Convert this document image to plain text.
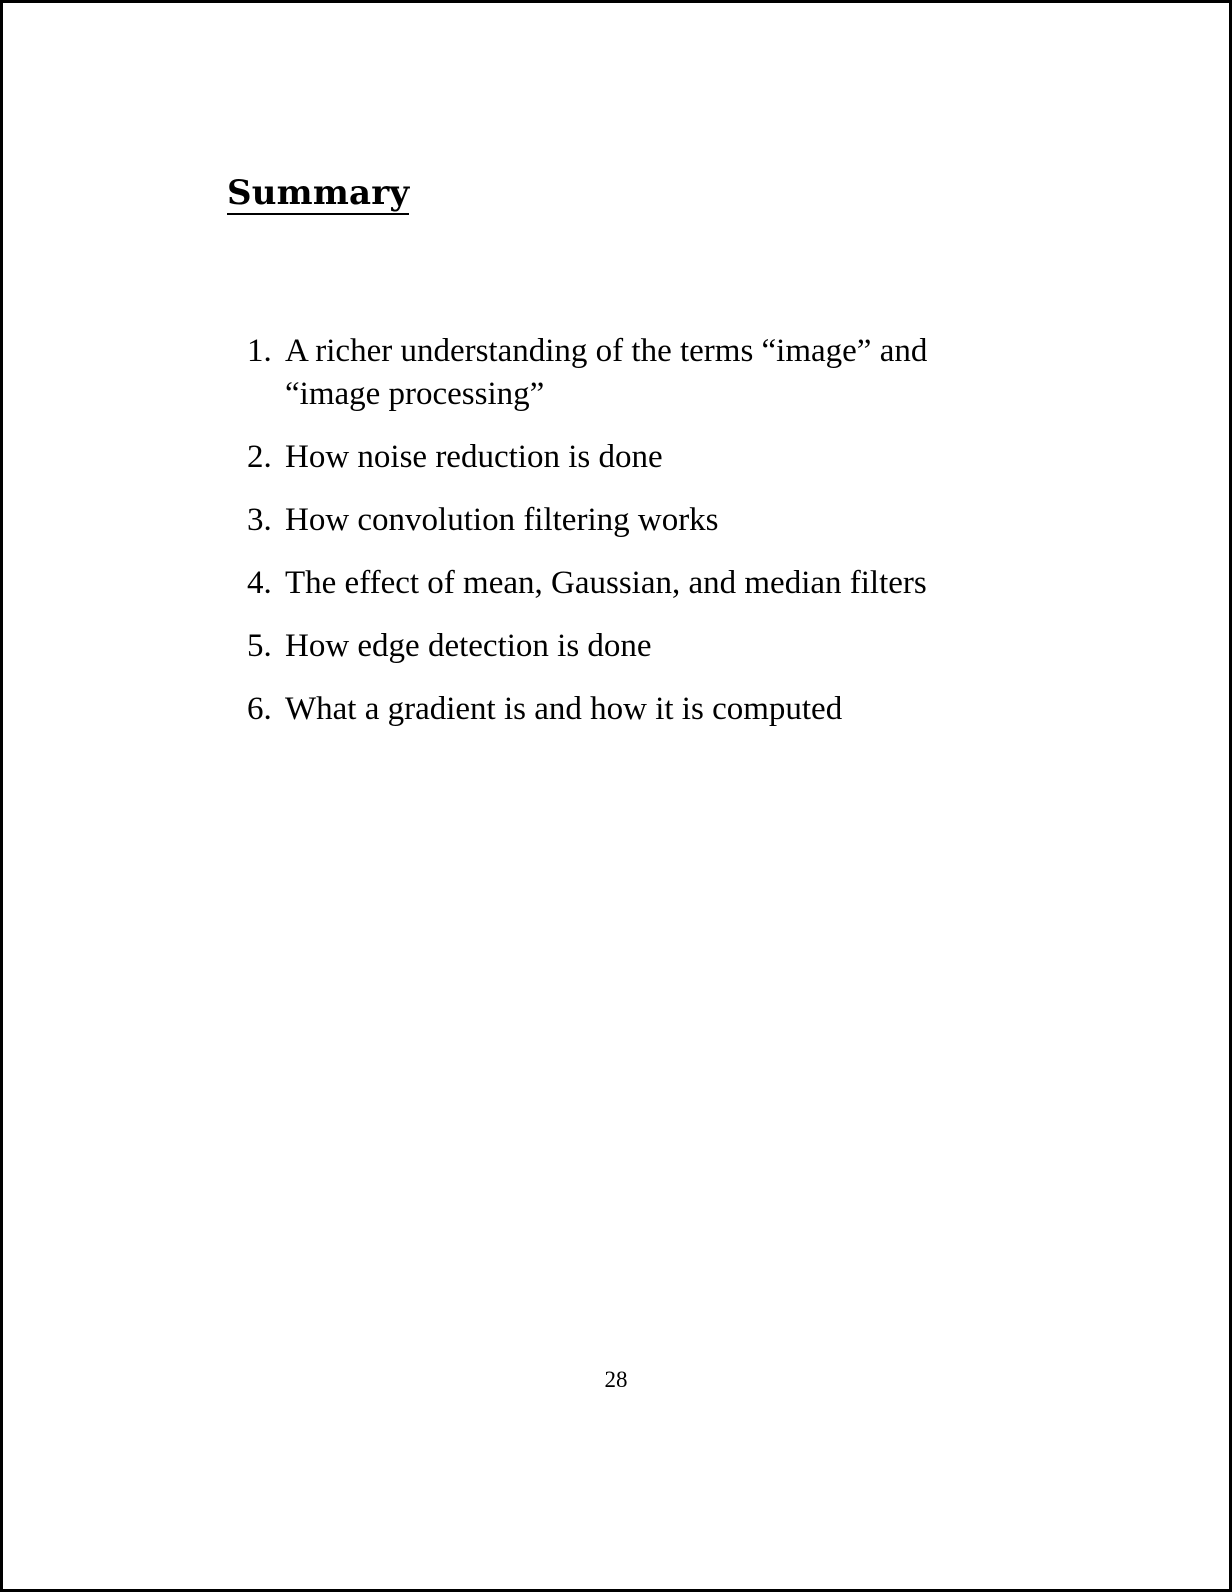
Summary
1. A richer understanding of the terms “image” and “image processing”
2. How noise reduction is done
3. How convolution filtering works
4. The effect of mean, Gaussian, and median filters
5. How edge detection is done
6. What a gradient is and how it is computed
28
